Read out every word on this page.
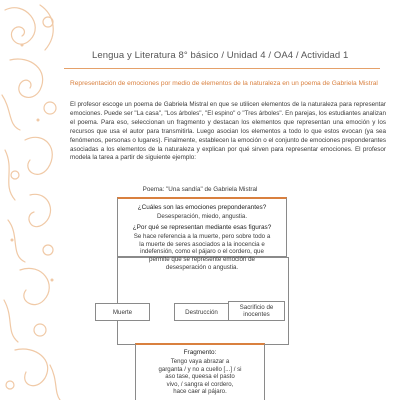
Lengua y Literatura 8° básico / Unidad 4 / OA4 / Actividad 1
Representación de emociones por medio de elementos de la naturaleza en un poema de Gabriela Mistral
El profesor escoge un poema de Gabriela Mistral en que se utilicen elementos de la naturaleza para representar emociones. Puede ser "La casa", "Los árboles", "El espino" o "Tres árboles". En parejas, los estudiantes analizan el poema. Para eso, seleccionan un fragmento y destacan los elementos que representan una emoción y los recursos que usa el autor para transmitirla. Luego asocian los elementos a todo lo que estos evocan (ya sea fenómenos, personas o lugares). Finalmente, establecen la emoción o el conjunto de emociones preponderantes asociadas a los elementos de la naturaleza y explican por qué sirven para representar emociones. El profesor modela la tarea a partir de siguiente ejemplo:
Poema: "Una sandía" de Gabriela Mistral
¿Cuáles son las emociones preponderantes?
Desesperación, miedo, angustia.
¿Por qué se representan mediante esas figuras?
Se hace referencia a la muerte, pero sobre todo a la muerte de seres asociados a la inocencia e indefensión, como el pájaro o el cordero, que permite que se represente emoción de desesperación o angustia.
Muerte	Destrucción
Sacrificio de inocentes
Fragmento:
Tengo vaya abrazar a
garganta / y no a cuello [...] / si
aso tase, queesa el pasto
vivo, / sangra el cordero,
hace caer al pájaro.
